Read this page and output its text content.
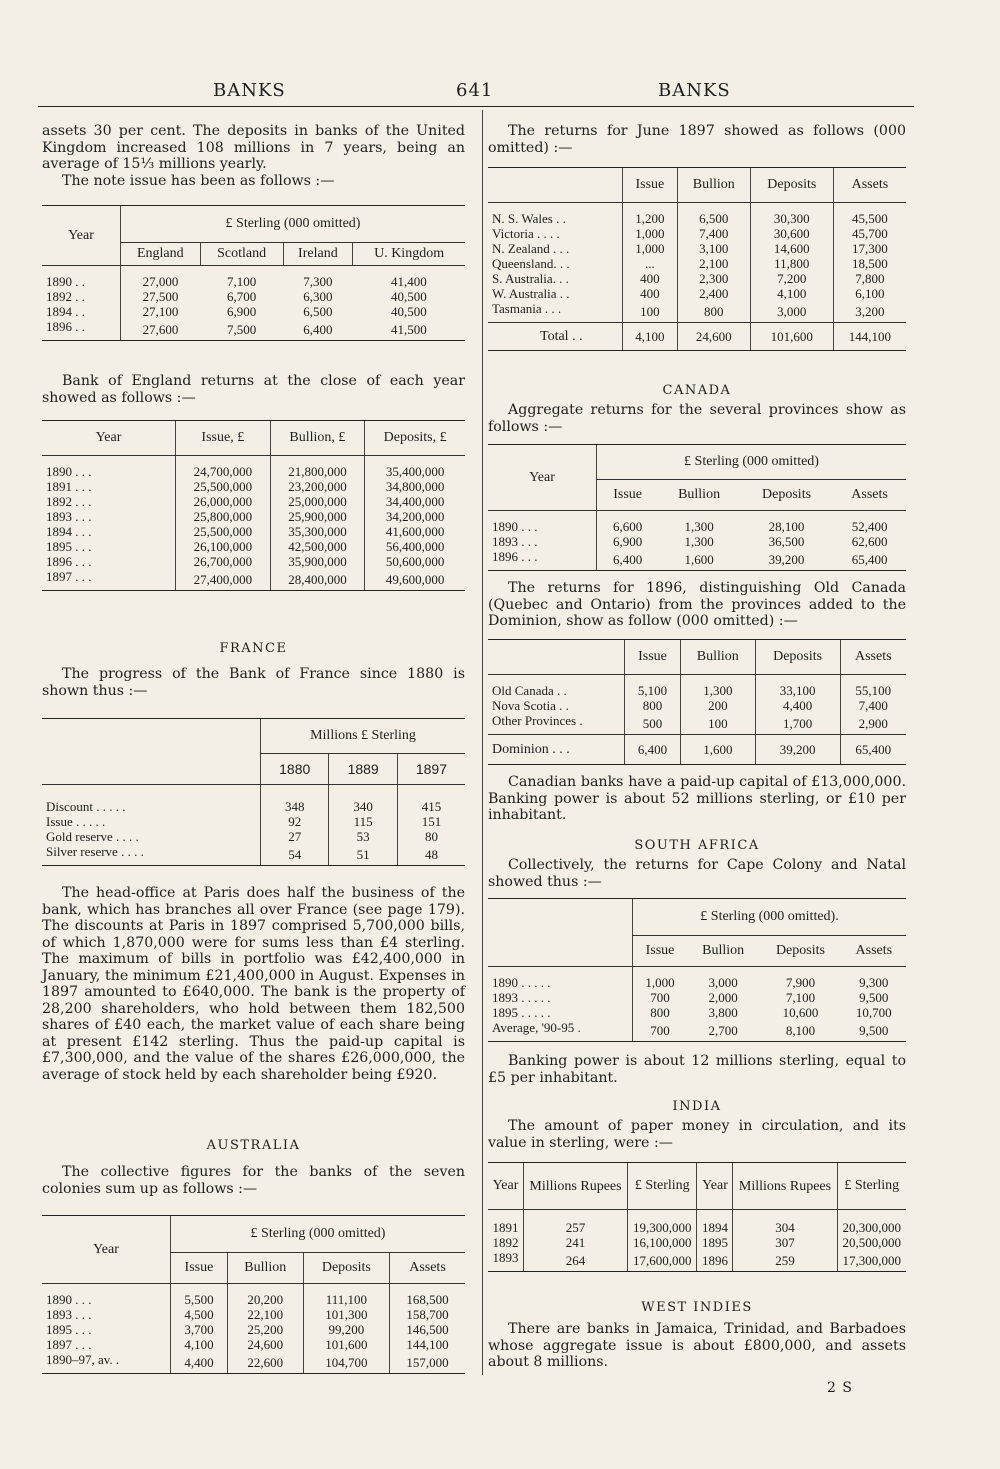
BANKS	641	BANKS

assets 30 per cent. The deposits in banks of the United Kingdom increased 108 millions in 7 years, being an average of 15⅓ millions yearly.

The note issue has been as follows :—

Year	£ Sterling (000 omitted)			
	England	Scotland	Ireland	U. Kingdom

1890 . .	27,000	7,100	7,300	41,400
1892 . .	27,500	6,700	6,300	40,500
1894 . .	27,100	6,900	6,500	40,500
1896 . .	27,600	7,500	6,400	41,500

Bank of England returns at the close of each year showed as follows :—

Year	Issue, £	Bullion, £	Deposits, £

1890 . . .	24,700,000	21,800,000	35,400,000
1891 . . .	25,500,000	23,200,000	34,800,000
1892 . . .	26,000,000	25,000,000	34,400,000
1893 . . .	25,800,000	25,900,000	34,200,000
1894 . . .	25,500,000	35,300,000	41,600,000
1895 . . .	26,100,000	42,500,000	56,400,000
1896 . . .	26,700,000	35,900,000	50,600,000
1897 . . .	27,400,000	28,400,000	49,600,000

FRANCE

The progress of the Bank of France since 1880 is shown thus :—

	Millions £ Sterling		
	1880	1889	1897

Discount . . . . .	348	340	415
Issue . . . . .	92	115	151
Gold reserve . . . .	27	53	80
Silver reserve . . . .	54	51	48

The head-office at Paris does half the business of the bank, which has branches all over France (see page 179). The discounts at Paris in 1897 comprised 5,700,000 bills, of which 1,870,000 were for sums less than £4 sterling. The maximum of bills in portfolio was £42,400,000 in January, the minimum £21,400,000 in August. Expenses in 1897 amounted to £640,000. The bank is the property of 28,200 shareholders, who hold between them 182,500 shares of £40 each, the market value of each share being at present £142 sterling. Thus the paid-up capital is £7,300,000, and the value of the shares £26,000,000, the average of stock held by each shareholder being £920.

AUSTRALIA

The collective figures for the banks of the seven colonies sum up as follows :—

Year	£ Sterling (000 omitted)			
	Issue	Bullion	Deposits	Assets

1890 . . .	5,500	20,200	111,100	168,500
1893 . . .	4,500	22,100	101,300	158,700
1895 . . .	3,700	25,200	99,200	146,500
1897 . . .	4,100	24,600	101,600	144,100
1890–97, av. .	4,400	22,600	104,700	157,000

The returns for June 1897 showed as follows (000 omitted) :—

	Issue	Bullion	Deposits	Assets

N. S. Wales . .	1,200	6,500	30,300	45,500
Victoria . . . .	1,000	7,400	30,600	45,700
N. Zealand . . .	1,000	3,100	14,600	17,300
Queensland. . .	...	2,100	11,800	18,500
S. Australia. . .	400	2,300	7,200	7,800
W. Australia . .	400	2,400	4,100	6,100
Tasmania . . .	100	800	3,000	3,200
Total . .	4,100	24,600	101,600	144,100

CANADA

Aggregate returns for the several provinces show as follows :—

Year	£ Sterling (000 omitted)			
	Issue	Bullion	Deposits	Assets

1890 . . .	6,600	1,300	28,100	52,400
1893 . . .	6,900	1,300	36,500	62,600
1896 . . .	6,400	1,600	39,200	65,400

The returns for 1896, distinguishing Old Canada (Quebec and Ontario) from the provinces added to the Dominion, show as follow (000 omitted) :—

	Issue	Bullion	Deposits	Assets

Old Canada . .	5,100	1,300	33,100	55,100
Nova Scotia . .	800	200	4,400	7,400
Other Provinces .	500	100	1,700	2,900
Dominion . . .	6,400	1,600	39,200	65,400

Canadian banks have a paid-up capital of £13,000,000. Banking power is about 52 millions sterling, or £10 per inhabitant.

SOUTH AFRICA

Collectively, the returns for Cape Colony and Natal showed thus :—

	£ Sterling (000 omitted).			
	Issue	Bullion	Deposits	Assets

1890 . . . . .	1,000	3,000	7,900	9,300
1893 . . . . .	700	2,000	7,100	9,500
1895 . . . . .	800	3,800	10,600	10,700
Average, '90-95 .	700	2,700	8,100	9,500

Banking power is about 12 millions sterling, equal to £5 per inhabitant.

INDIA

The amount of paper money in circulation, and its value in sterling, were :—

Year	Millions Rupees	£ Sterling	Year	Millions Rupees	£ Sterling

1891	257	19,300,000	1894	304	20,300,000
1892	241	16,100,000	1895	307	20,500,000
1893	264	17,600,000	1896	259	17,300,000

WEST INDIES

There are banks in Jamaica, Trinidad, and Barbadoes whose aggregate issue is about £800,000, and assets about 8 millions.

2 S
